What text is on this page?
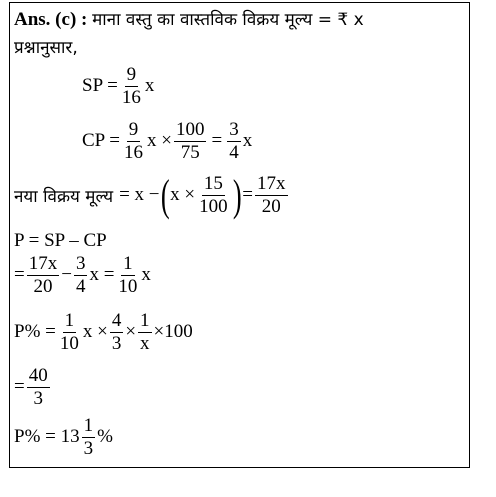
Ans. (c) : माना वस्तु का वास्तविक विक्रय मूल्य = ₹ x
प्रश्नानुसार,
SP = $\frac{9}{16}$ x
CP = $\frac{9}{16}$ $x \times \frac{100}{75} = \frac{3}{4}$ x
नया विक्रय मूल्य = x − ( $x \times \frac{15}{100}$ ) = $\frac{17x}{20}$
P = SP – CP
= $\frac{17x}{20} - \frac{3}{4}$ $x = \frac{1}{10}$ x
$P\% = \frac{1}{10}$ $x \times \frac{4}{3} \times \frac{1}{x} \times 100$
= $\frac{40}{3}$
$P\% = 13 \frac{1}{3}$ %
